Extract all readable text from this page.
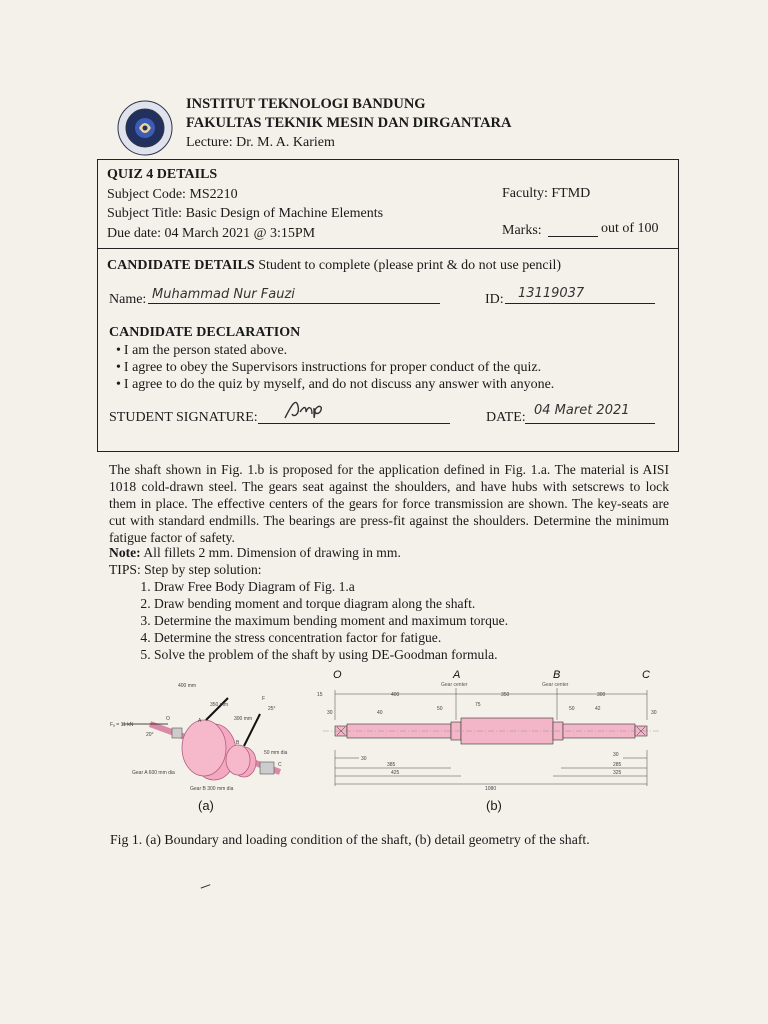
INSTITUT TEKNOLOGI BANDUNG
FAKULTAS TEKNIK MESIN DAN DIRGANTARA
Lecture: Dr. M. A. Kariem
QUIZ 4 DETAILS
Subject Code: MS2210
Subject Title: Basic Design of Machine Elements
Due date: 04 March 2021 @ 3:15PM
Faculty: FTMD
Marks:	out of 100
CANDIDATE DETAILS Student to complete (please print & do not use pencil)
Name: Muhammad Nur Fauzi	ID: 13119037
CANDIDATE DECLARATION
• I am the person stated above.
• I agree to obey the Supervisors instructions for proper conduct of the quiz.
• I agree to do the quiz by myself, and do not discuss any answer with anyone.
STUDENT SIGNATURE:	DATE: 04 Maret 2021

The shaft shown in Fig. 1.b is proposed for the application defined in Fig. 1.a. The material is AISI 1018 cold-drawn steel. The gears seat against the shoulders, and have hubs with setscrews to lock them in place. The effective centers of the gears for force transmission are shown. The key-seats are cut with standard endmills. The bearings are press-fit against the shoulders. Determine the minimum fatigue factor of safety.

Note: All fillets 2 mm. Dimension of drawing in mm.
TIPS: Step by step solution:
1. Draw Free Body Diagram of Fig. 1.a
2. Draw bending moment and torque diagram along the shaft.
3. Determine the maximum bending moment and maximum torque.
4. Determine the stress concentration factor for fatigue.
5. Solve the problem of the shaft by using DE-Goodman formula.
400 mm
350 mm
300 mm
F
25°
Fₐ = 11 kN
20°
50 mm dia
Gear A 600 mm dia
Gear B 300 mm dia
O	A
B
C
(a)
O	A	B	C
Gear center	Gear center
15	400	350	300
30	40
50
75
50	42
30
30
385
425
1080
30
285
325
(b)
Fig 1. (a) Boundary and loading condition of the shaft, (b) detail geometry of the shaft.
